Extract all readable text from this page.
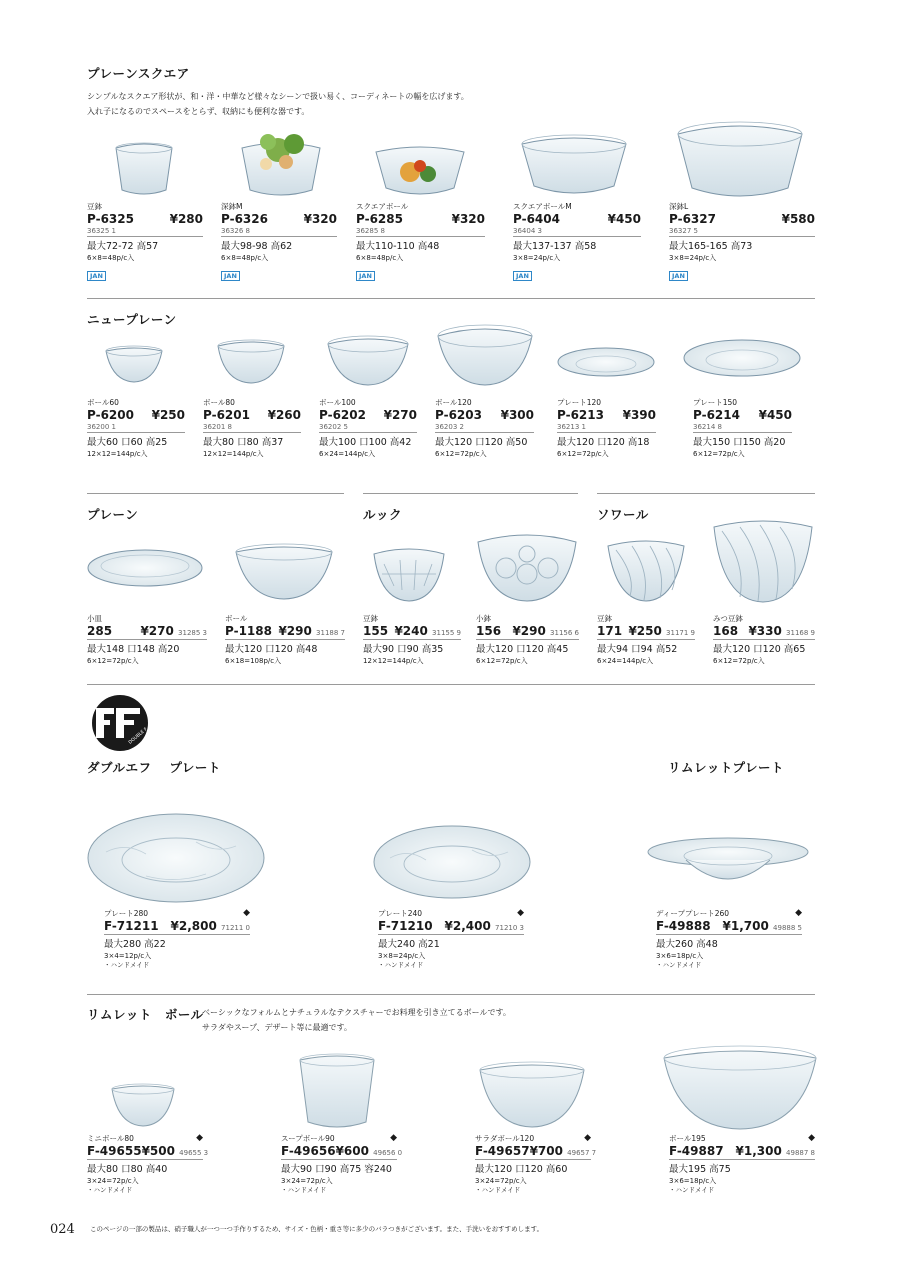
プレーンスクエア
シンプルなスクエア形状が、和・洋・中華など様々なシーンで扱い易く、コーディネートの幅を広げます。
入れ子になるのでスペースをとらず、収納にも便利な器です。
豆鉢
P-6325	¥280
36325 1
最大72-72 高57
6×8=48p/c入
JAN
深鉢M
P-6326	¥320
36326 8
最大98-98 高62
6×8=48p/c入
JAN
スクエアボール
P-6285	¥320
36285 8
最大110-110 高48
6×8=48p/c入
JAN
スクエアボールM
P-6404	¥450
36404 3
最大137-137 高58
3×8=24p/c入
JAN
深鉢L
P-6327	¥580
36327 5
最大165-165 高73
3×8=24p/c入
JAN
ニュープレーン
ボール60
P-6200 ¥250
36200 1
最大60 口60 高25
12×12=144p/c入
ボール80
P-6201 ¥260
36201 8
最大80 口80 高37
12×12=144p/c入
ボール100
P-6202 ¥270
36202 5
最大100 口100 高42
6×24=144p/c入
ボール120
P-6203 ¥300
36203 2
最大120 口120 高50
6×12=72p/c入
プレート120
P-6213 ¥390
36213 1
最大120 口120 高18
6×12=72p/c入
プレート150
P-6214 ¥450
36214 8
最大150 口150 高20
6×12=72p/c入
プレーン	ルック	ソワール
小皿
285 ¥270 31285 3
最大148 口148 高20
6×12=72p/c入
ボール
P-1188 ¥290 31188 7
最大120 口120 高48
6×18=108p/c入
豆鉢
155 ¥240 31155 9
最大90 口90 高35
12×12=144p/c入
小鉢
156 ¥290 31156 6
最大120 口120 高45
6×12=72p/c入
豆鉢
171 ¥250 31171 9
最大94 口94 高52
6×24=144p/c入
みつ豆鉢
168 ¥330 31168 9
最大120 口120 高65
6×12=72p/c入
DOUBLE F
ダブルエフ　 プレート	リムレットプレート
プレート280	◆
F-71211 ¥2,800 71211 0
最大280 高22
3×4=12p/c入
・ハンドメイド
プレート240	◆
F-71210 ¥2,400 71210 3
最大240 高21
3×8=24p/c入
・ハンドメイド
ディーププレート260	◆
F-49888 ¥1,700 49888 5
最大260 高48
3×6=18p/c入
・ハンドメイド
リムレット　ボール
ベーシックなフォルムとナチュラルなテクスチャーでお料理を引き立てるボールです。
サラダやスープ、デザート等に最適です。
ミニボール80	◆
F-49655 ¥500 49655 3
最大80 口80 高40
3×24=72p/c入
・ハンドメイド
スープボール90	◆
F-49656 ¥600 49656 0
最大90 口90 高75 容240
3×24=72p/c入
・ハンドメイド
サラダボール120	◆
F-49657 ¥700 49657 7
最大120 口120 高60
3×24=72p/c入
・ハンドメイド
ボール195	◆
F-49887 ¥1,300 49887 8
最大195 高75
3×6=18p/c入
・ハンドメイド
024 このページの一部の製品は、硝子職人が一つ一つ手作りするため、サイズ・色柄・重さ等に多少のバラつきがございます。また、手洗いをおすすめします。
